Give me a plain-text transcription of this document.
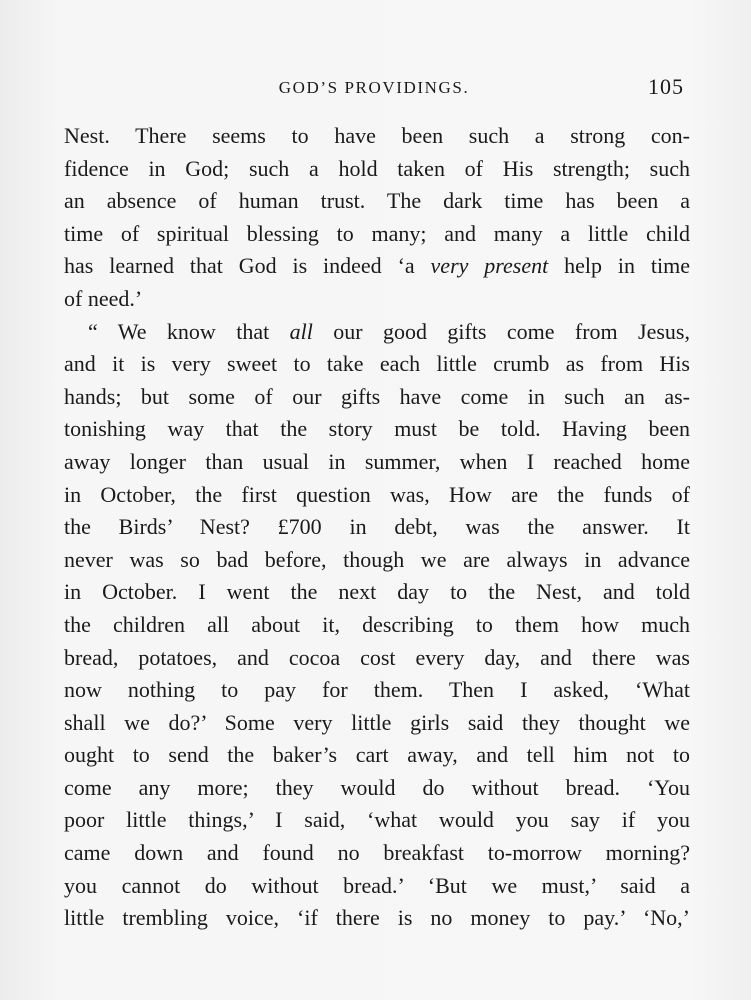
GOD’S PROVIDINGS.	105
Nest. There seems to have been such a strong con-
fidence in God; such a hold taken of His strength; such
an absence of human trust. The dark time has been a
time of spiritual blessing to many; and many a little child
has learned that God is indeed ‘a very present help in time
of need.’
“ We know that all our good gifts come from Jesus,
and it is very sweet to take each little crumb as from His
hands; but some of our gifts have come in such an as-
tonishing way that the story must be told. Having been
away longer than usual in summer, when I reached home
in October, the first question was, How are the funds of
the Birds’ Nest? £700 in debt, was the answer. It
never was so bad before, though we are always in advance
in October. I went the next day to the Nest, and told
the children all about it, describing to them how much
bread, potatoes, and cocoa cost every day, and there was
now nothing to pay for them. Then I asked, ‘What
shall we do?’ Some very little girls said they thought we
ought to send the baker’s cart away, and tell him not to
come any more; they would do without bread. ‘You
poor little things,’ I said, ‘what would you say if you
came down and found no breakfast to-morrow morning?
you cannot do without bread.’ ‘But we must,’ said a
little trembling voice, ‘if there is no money to pay.’ ‘No,’
